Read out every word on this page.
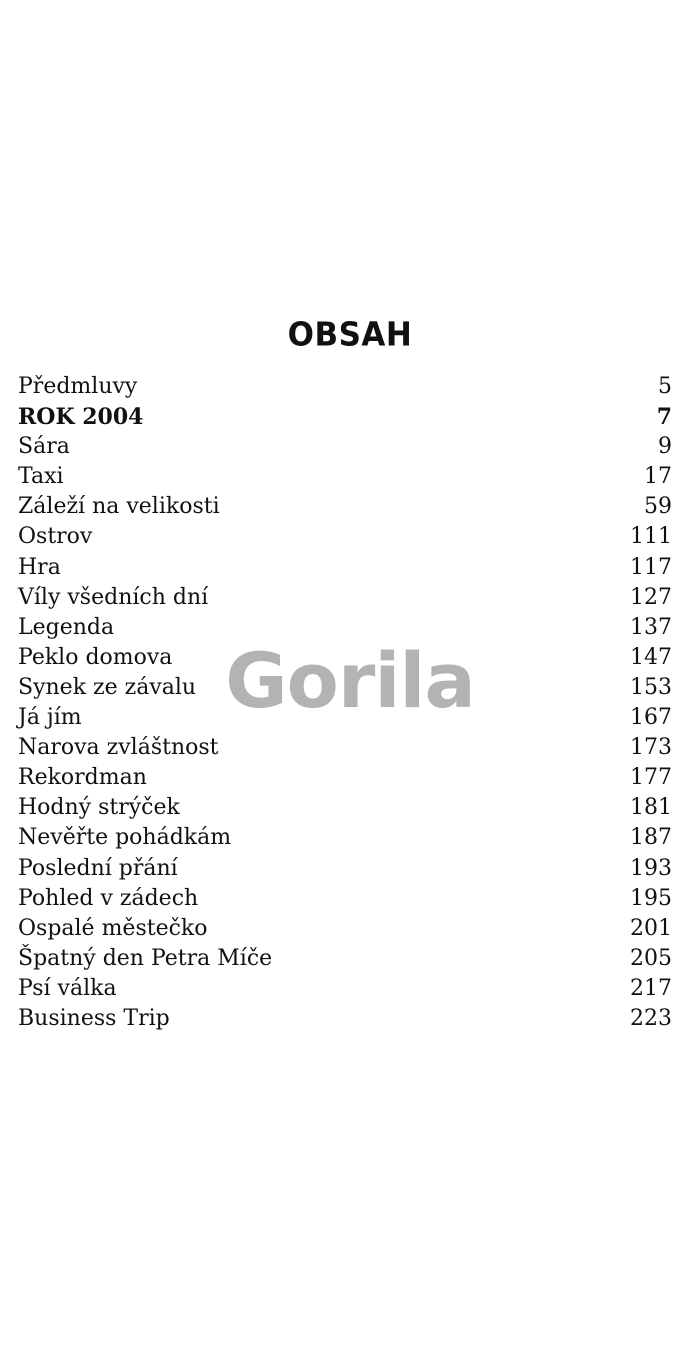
OBSAH
Předmluvy	5
ROK 2004	7
Sára	9
Taxi	17
Záleží na velikosti	59
Ostrov	111
Hra	117
Víly všedních dní	127
Legenda	137
Peklo domova	147
Synek ze závalu	153
Já jím	167
Narova zvláštnost	173
Rekordman	177
Hodný strýček	181
Nevěřte pohádkám	187
Poslední přání	193
Pohled v zádech	195
Ospalé městečko	201
Špatný den Petra Míče	205
Psí válka	217
Business Trip	223
Gorila
